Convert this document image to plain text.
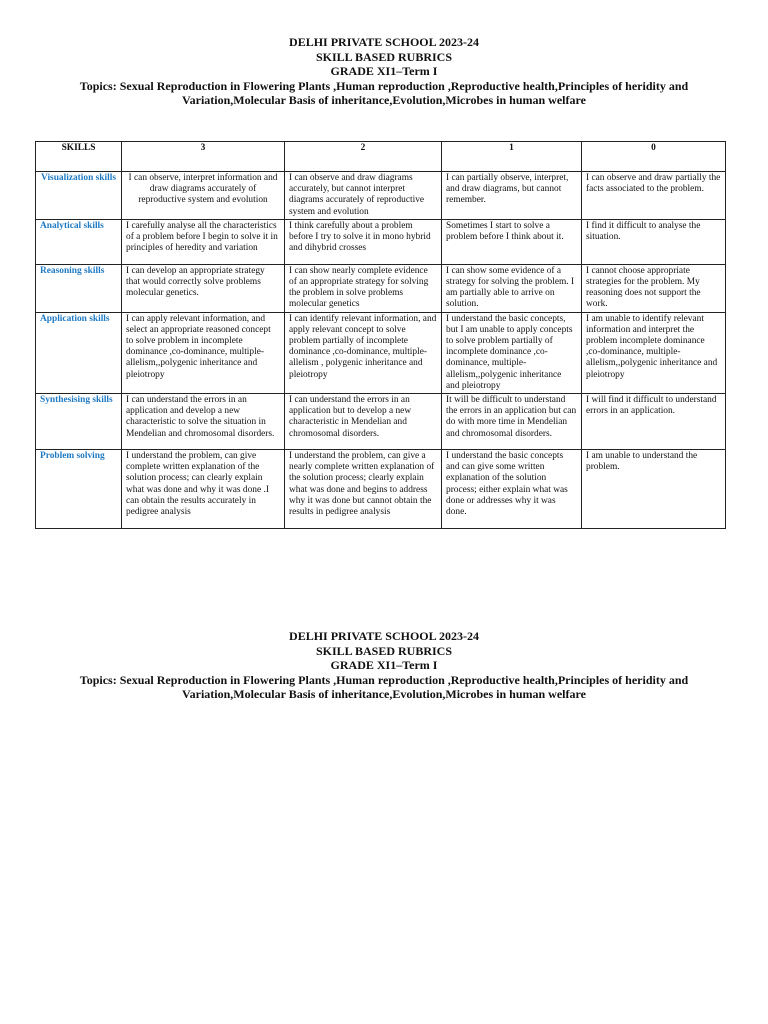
DELHI PRIVATE SCHOOL 2023-24
SKILL BASED RUBRICS
GRADE XI1–Term I
Topics: Sexual Reproduction in Flowering Plants ,Human reproduction ,Reproductive health,Principles of heridity and Variation,Molecular Basis of inheritance,Evolution,Microbes in human welfare
SKILLS	3	2	1	0
Visualization skills	I can observe, interpret information and draw diagrams accurately of reproductive system and evolution	I can observe and draw diagrams accurately, but cannot interpret diagrams accurately of reproductive system and evolution	I can partially observe, interpret, and draw diagrams, but cannot remember.	I can observe and draw partially the facts associated to the problem.
Analytical skills	I carefully analyse all the characteristics of a problem before I begin to solve it in principles of heredity and variation	I think carefully about a problem before I try to solve it in mono hybrid and dihybrid crosses	Sometimes I start to solve a problem before I think about it.	I find it difficult to analyse the situation.
Reasoning skills	I can develop an appropriate strategy that would correctly solve problems molecular genetics.	I can show nearly complete evidence of an appropriate strategy for solving the problem in solve problems molecular genetics	I can show some evidence of a strategy for solving the problem. I am partially able to arrive on solution.	I cannot choose appropriate strategies for the problem. My reasoning does not support the work.
Application skills	I can apply relevant information, and select an appropriate reasoned concept to solve problem in incomplete dominance ,co-dominance, multiple-allelism,,polygenic inheritance and pleiotropy	I can identify relevant information, and apply relevant concept to solve problem partially of incomplete dominance ,co-dominance, multiple-allelism , polygenic inheritance and pleiotropy	I understand the basic concepts, but I am unable to apply concepts to solve problem partially of incomplete dominance ,co-dominance, multiple-allelism,,polygenic inheritance and pleiotropy	I am unable to identify relevant information and interpret the problem incomplete dominance ,co-dominance, multiple-allelism,,polygenic inheritance and pleiotropy
Synthesising skills	I can understand the errors in an application and develop a new characteristic to solve the situation in Mendelian and chromosomal disorders.	I can understand the errors in an application but to develop a new characteristic in Mendelian and chromosomal disorders.	It will be difficult to understand the errors in an application but can do with more time in Mendelian and chromosomal disorders.	I will find it difficult to understand errors in an application.
Problem solving	I understand the problem, can give complete written explanation of the solution process; can clearly explain what was done and why it was done .I can obtain the results accurately in pedigree analysis	I understand the problem, can give a nearly complete written explanation of the solution process; clearly explain what was done and begins to address why it was done but cannot obtain the results in pedigree analysis	I understand the basic concepts and can give some written explanation of the solution process; either explain what was done or addresses why it was done.	I am unable to understand the problem.
DELHI PRIVATE SCHOOL 2023-24
SKILL BASED RUBRICS
GRADE XI1–Term I
Topics: Sexual Reproduction in Flowering Plants ,Human reproduction ,Reproductive health,Principles of heridity and Variation,Molecular Basis of inheritance,Evolution,Microbes in human welfare
